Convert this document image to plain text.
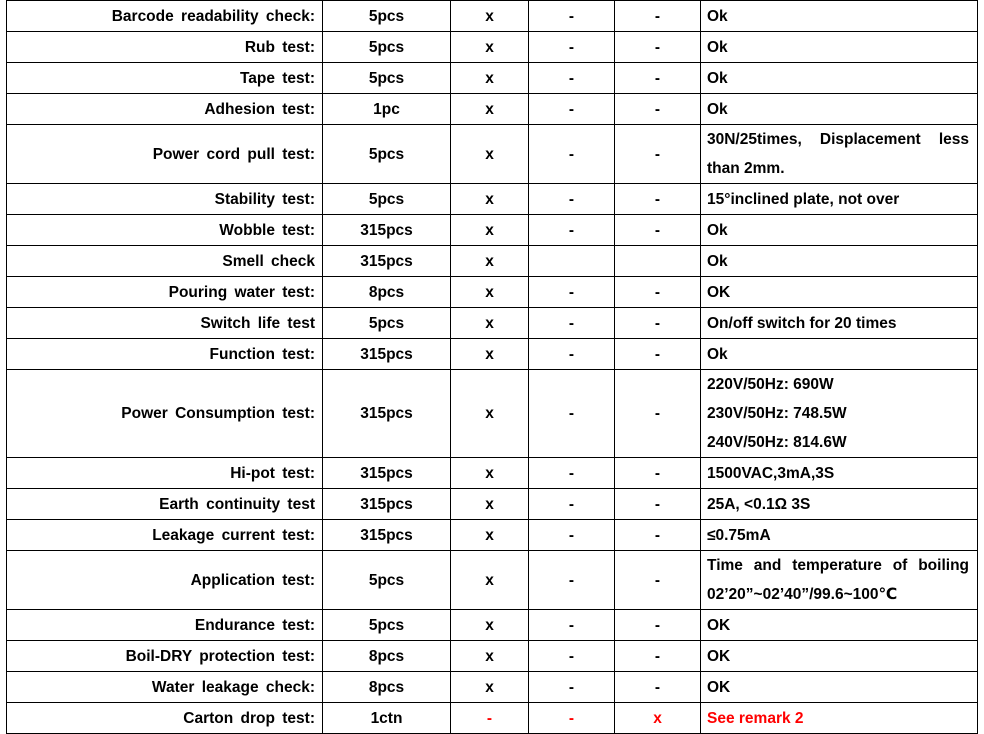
Barcode readability check:	5pcs	x	-	-	Ok
Rub test:	5pcs	x	-	-	Ok
Tape test:	5pcs	x	-	-	Ok
Adhesion test:	1pc	x	-	-	Ok
Power cord pull test:	5pcs	x	-	-	30N/25times, Displacement less than 2mm.
Stability test:	5pcs	x	-	-	15°inclined plate, not over
Wobble test:	315pcs	x	-	-	Ok
Smell check	315pcs	x			Ok
Pouring water test:	8pcs	x	-	-	OK
Switch life test	5pcs	x	-	-	On/off switch for 20 times
Function test:	315pcs	x	-	-	Ok
Power Consumption test:	315pcs	x	-	-	220V/50Hz: 690W
230V/50Hz: 748.5W
240V/50Hz: 814.6W

Hi-pot test:	315pcs	x	-	-	1500VAC,3mA,3S
Earth continuity test	315pcs	x	-	-	25A, <0.1Ω 3S
Leakage current test:	315pcs	x	-	-	≤0.75mA
Application test:	5pcs	x	-	-	Time and temperature of boiling 02’20”~02’40”/99.6~100℃
Endurance test:	5pcs	x	-	-	OK
Boil-DRY protection test:	8pcs	x	-	-	OK
Water leakage check:	8pcs	x	-	-	OK
Carton drop test:	1ctn	-	-	x	See remark 2
